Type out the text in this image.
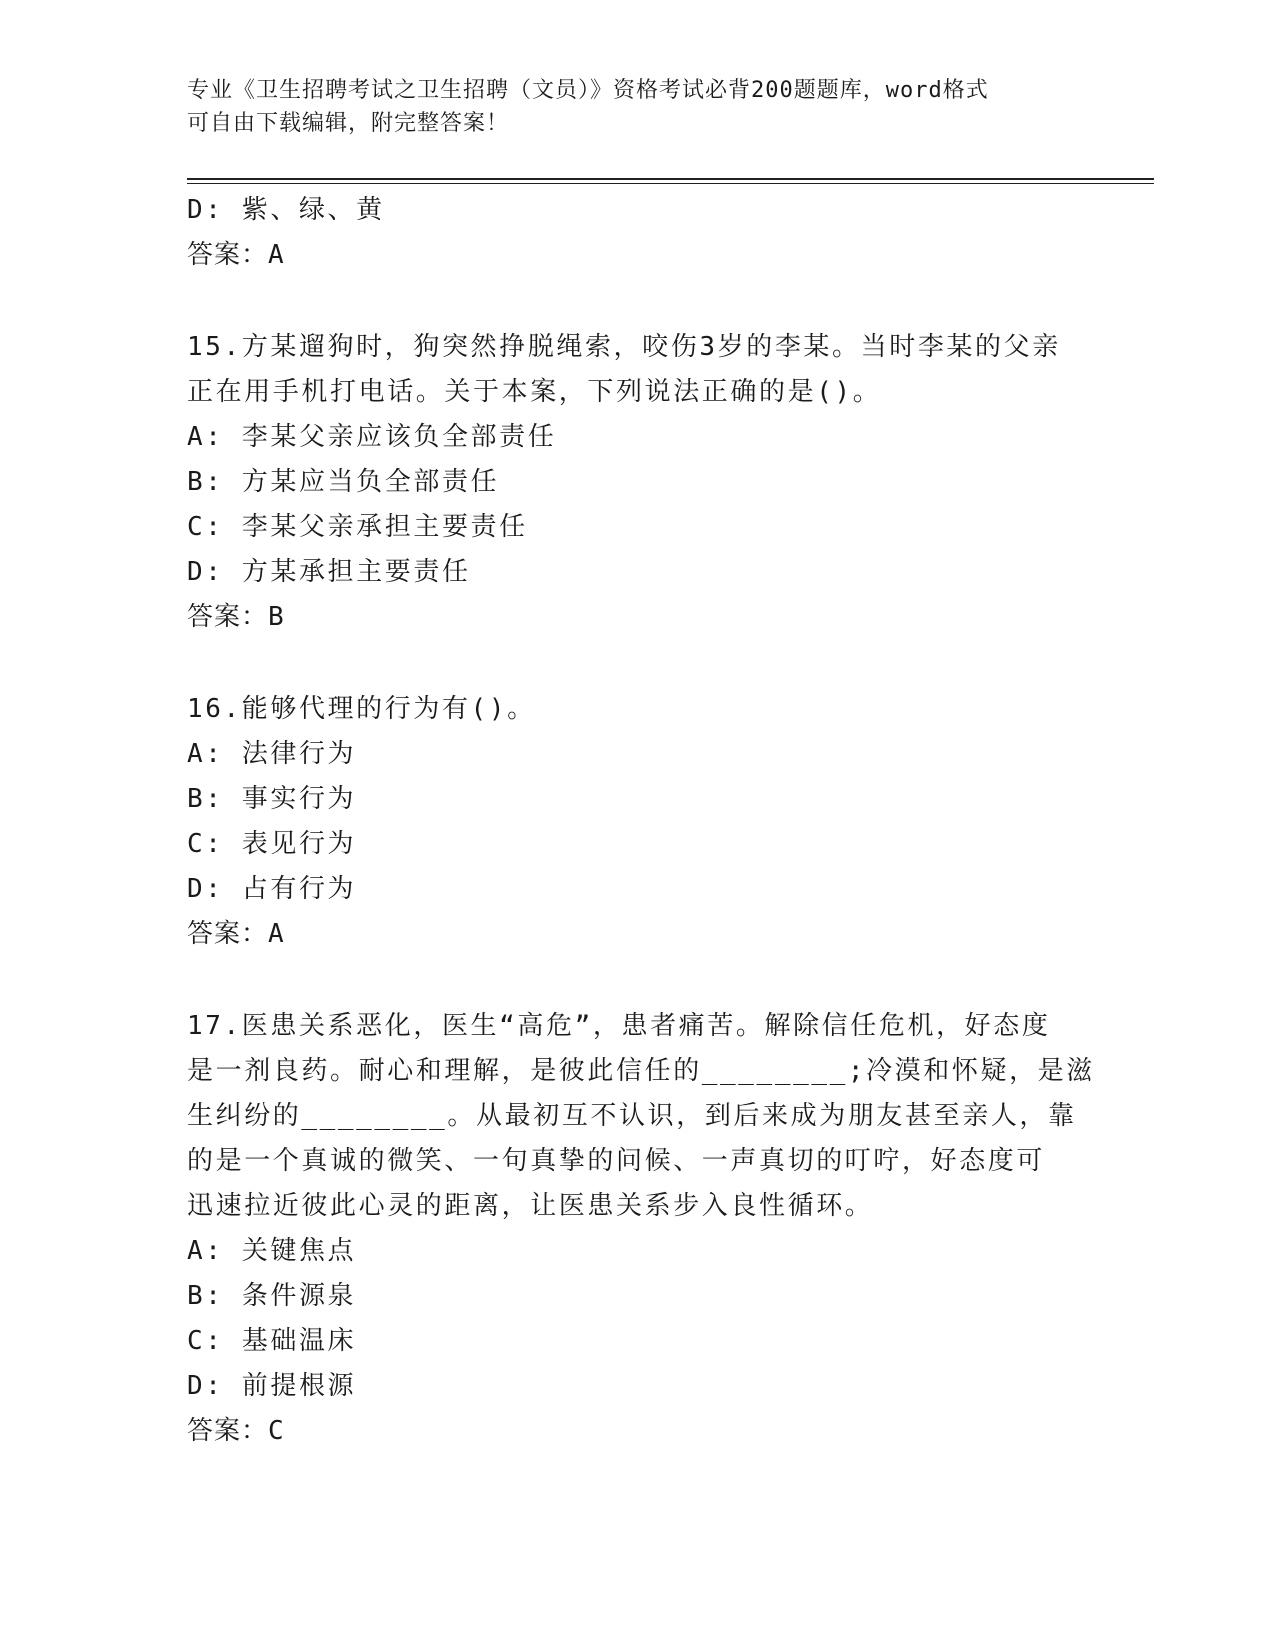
专业《卫生招聘考试之卫生招聘（文员）》资格考试必背200题题库，word格式
可自由下载编辑，附完整答案！
D: 紫、绿、黄
答案：A
15.方某遛狗时，狗突然挣脱绳索，咬伤3岁的李某。当时李某的父亲
正在用手机打电话。关于本案，下列说法正确的是()。
A: 李某父亲应该负全部责任
B: 方某应当负全部责任
C: 李某父亲承担主要责任
D: 方某承担主要责任
答案：B
16.能够代理的行为有()。
A: 法律行为
B: 事实行为
C: 表见行为
D: 占有行为
答案：A
17.医患关系恶化，医生“高危”，患者痛苦。解除信任危机，好态度
是一剂良药。耐心和理解，是彼此信任的________;冷漠和怀疑，是滋
生纠纷的________。从最初互不认识，到后来成为朋友甚至亲人，靠
的是一个真诚的微笑、一句真挚的问候、一声真切的叮咛，好态度可
迅速拉近彼此心灵的距离，让医患关系步入良性循环。
A: 关键焦点
B: 条件源泉
C: 基础温床
D: 前提根源
答案：C
